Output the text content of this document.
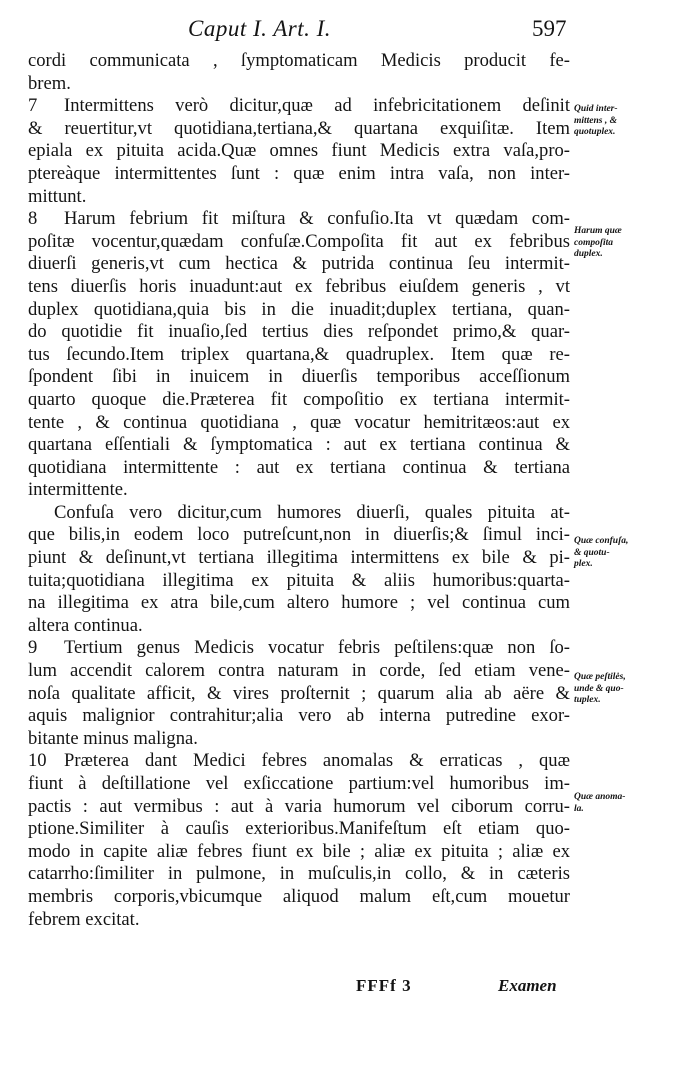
Caput I. Art. I.	597
cordi communicata , ſymptomaticam Medicis producit fe-
brem.
7 Intermittens verò dicitur,quæ ad infebricitationem deſinit
& reuertitur,vt quotidiana,tertiana,& quartana exquiſitæ. Item
epiala ex pituita acida.Quæ omnes fiunt Medicis extra vaſa,pro-
ptereàque intermittentes ſunt : quæ enim intra vaſa, non inter-
mittunt.
8 Harum febrium fit miſtura & confuſio.Ita vt quædam com-
poſitæ vocentur,quædam confuſæ.Compoſita fit aut ex febribus
diuerſi generis,vt cum hectica & putrida continua ſeu intermit-
tens diuerſis horis inuadunt:aut ex febribus eiuſdem generis , vt
duplex quotidiana,quia bis in die inuadit;duplex tertiana, quan-
do quotidie fit inuaſio,ſed tertius dies reſpondet primo,& quar-
tus ſecundo.Item triplex quartana,& quadruplex. Item quæ re-
ſpondent ſibi in inuicem in diuerſis temporibus acceſſionum
quarto quoque die.Præterea fit compoſitio ex tertiana intermit-
tente , & continua quotidiana , quæ vocatur hemitritæos:aut ex
quartana eſſentiali & ſymptomatica : aut ex tertiana continua &
quotidiana intermittente : aut ex tertiana continua & tertiana
intermittente.
Confuſa vero dicitur,cum humores diuerſi, quales pituita at-
que bilis,in eodem loco putreſcunt,non in diuerſis;& ſimul inci-
piunt & deſinunt,vt tertiana illegitima intermittens ex bile & pi-
tuita;quotidiana illegitima ex pituita & aliis humoribus:quarta-
na illegitima ex atra bile,cum altero humore ; vel continua cum
altera continua.
9 Tertium genus Medicis vocatur febris peſtilens:quæ non ſo-
lum accendit calorem contra naturam in corde, ſed etiam vene-
noſa qualitate afficit, & vires proſternit ; quarum alia ab aëre &
aquis malignior contrahitur;alia vero ab interna putredine exor-
bitante minus maligna.
10 Præterea dant Medici febres anomalas & erraticas , quæ
fiunt à deſtillatione vel exſiccatione partium:vel humoribus im-
pactis : aut vermibus : aut à varia humorum vel ciborum corru-
ptione.Similiter à cauſis exterioribus.Manifeſtum eſt etiam quo-
modo in capite aliæ febres fiunt ex bile ; aliæ ex pituita ; aliæ ex
catarrho:ſimiliter in pulmone, in muſculis,in collo, & in cæteris
membris corporis,vbicumque aliquod malum eſt,cum mouetur
febrem excitat.
Quid inter-
mittens , &
quotuplex.
Harum quæ
compoſita
duplex.
Quæ confuſa,
& quotu-
plex.
Quæ peſtilės,
unde & quo-
tuplex.
Quæ anoma-
la.
FFFf 3	Examen
